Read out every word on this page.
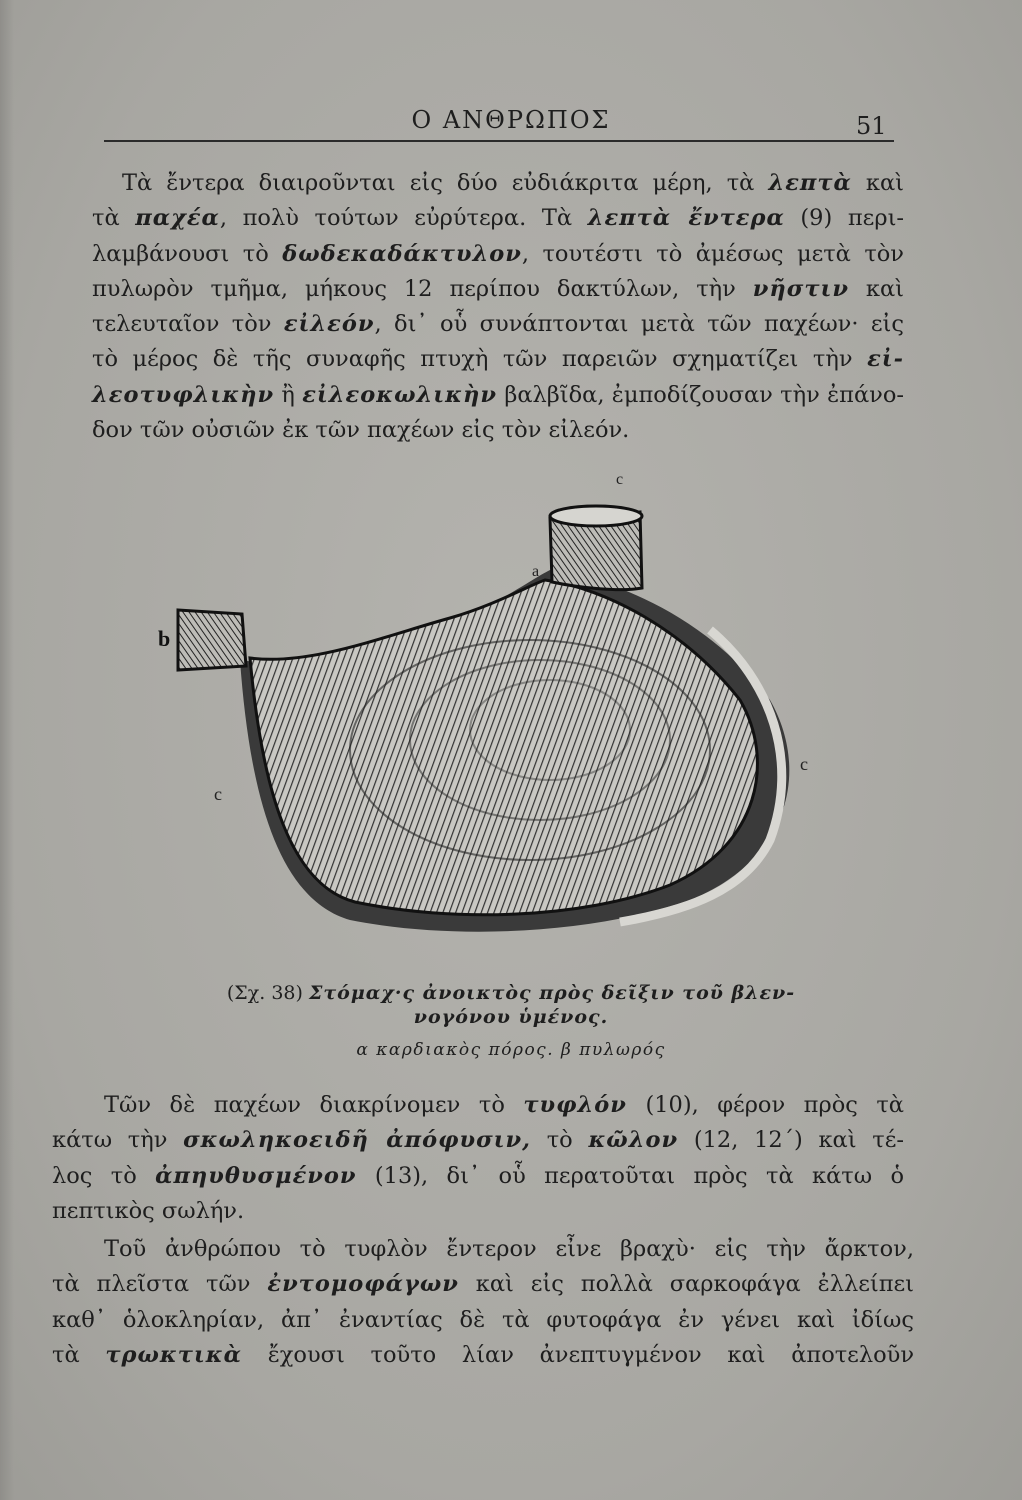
Ο ΑΝΘΡΩΠΟΣ	51
Τὰ ἔντερα διαιροῦνται εἰς δύο εὐδιάκριτα μέρη, τὰ λεπτὰ καὶ
τὰ παχέα, πολὺ τούτων εὐρύτερα. Τὰ λεπτὰ ἔντερα (9) περι-
λαμβάνουσι τὸ δωδεκαδάκτυλον, τουτέστι τὸ ἀμέσως μετὰ τὸν
πυλωρὸν τμῆμα, μήκους 12 περίπου δακτύλων, τὴν νῆστιν καὶ
τελευταῖον τὸν εἰλεόν, δι᾽ οὗ συνάπτονται μετὰ τῶν παχέων· εἰς
τὸ μέρος δὲ τῆς συναφῆς πτυχὴ τῶν παρειῶν σχηματίζει τὴν εἰ-
λεοτυφλικὴν ἢ εἰλεοκωλικὴν βαλβῖδα, ἐμποδίζουσαν τὴν ἐπάνο-
δον τῶν οὐσιῶν ἐκ τῶν παχέων εἰς τὸν εἰλεόν.
c
a
b
c
c
(Σχ. 38) Στόμαχ·ς ἀνοικτὸς πρὸς δεῖξιν τοῦ βλεν-
νογόνου ὑμένος.
α καρδιακὸς πόρος. β πυλωρός
Τῶν δὲ παχέων διακρίνομεν τὸ τυφλόν (10), φέρον πρὸς τὰ
κάτω τὴν σκωληκοειδῆ ἀπόφυσιν, τὸ κῶλον (12, 12΄) καὶ τέ-
λος τὸ ἀπηυθυσμένον (13), δι᾽ οὗ περατοῦται πρὸς τὰ κάτω ὁ
πεπτικὸς σωλήν.
Τοῦ ἀνθρώπου τὸ τυφλὸν ἔντερον εἶνε βραχὺ· εἰς τὴν ἄρκτον,
τὰ πλεῖστα τῶν ἐντομοφάγων καὶ εἰς πολλὰ σαρκοφάγα ἐλλείπει
καθ᾽ ὁλοκληρίαν, ἀπ᾽ ἐναντίας δὲ τὰ φυτοφάγα ἐν γένει καὶ ἰδίως
τὰ τρωκτικὰ ἔχουσι τοῦτο λίαν ἀνεπτυγμένον καὶ ἀποτελοῦν
